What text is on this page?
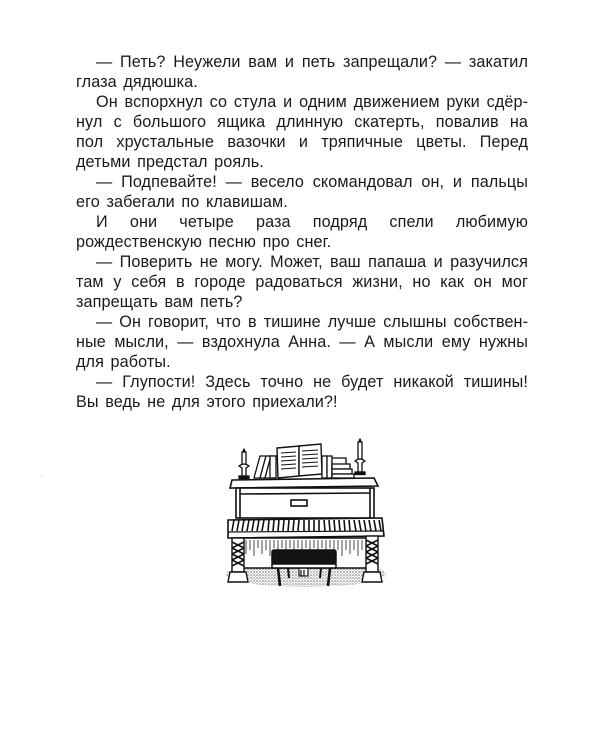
— Петь? Неужели вам и петь запрещали? — закатил глаза дядюшка.

Он вспорхнул со стула и одним движением руки сдёрнул с большого ящика длинную скатерть, повалив на пол хрустальные вазочки и тряпичные цветы. Перед детьми предстал рояль.

— Подпевайте! — весело скомандовал он, и пальцы его забегали по клавишам.

И они четыре раза подряд спели любимую рождественскую песню про снег.

— Поверить не могу. Может, ваш папаша и разучился там у себя в городе радоваться жизни, но как он мог запрещать вам петь?

— Он говорит, что в тишине лучше слышны собственные мысли, — вздохнула Анна. — А мысли ему нужны для работы.

— Глупости! Здесь точно не будет никакой тишины! Вы ведь не для этого приехали?!
